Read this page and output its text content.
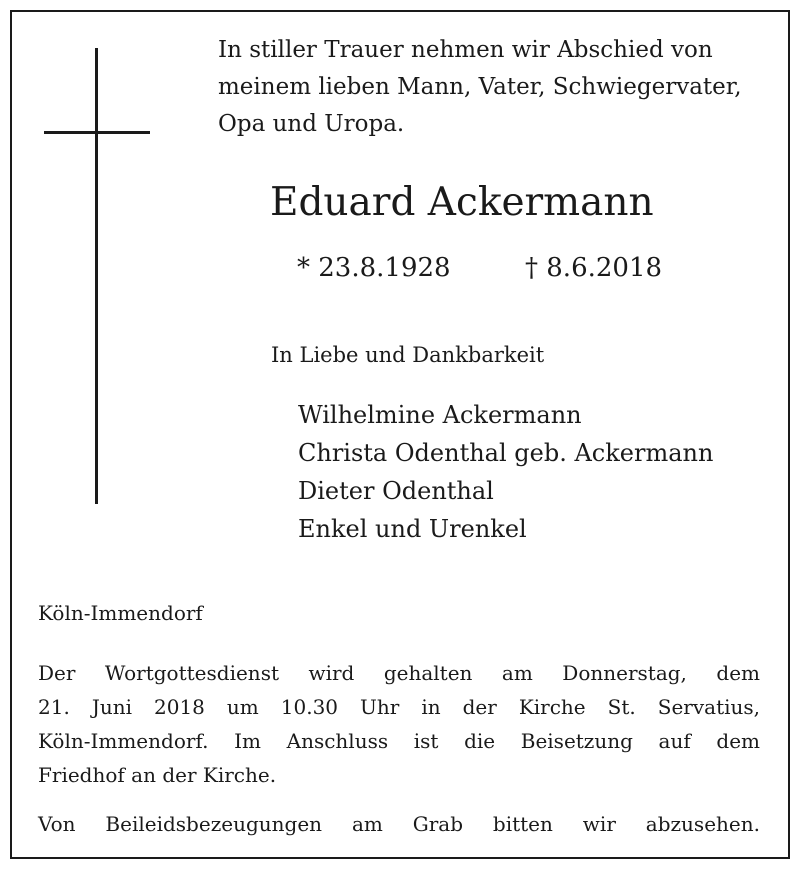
In stiller Trauer nehmen wir Abschied von
meinem lieben Mann, Vater, Schwiegervater,
Opa und Uropa.

Eduard Ackermann
* 23.8.1928	† 8.6.2018
In Liebe und Dankbarkeit
Wilhelmine Ackermann
Christa Odenthal geb. Ackermann
Dieter Odenthal
Enkel und Urenkel
Köln-Immendorf

Der Wortgottesdienst wird gehalten am Donnerstag, dem
21. Juni 2018 um 10.30 Uhr in der Kirche St. Servatius,
Köln-Immendorf. Im Anschluss ist die Beisetzung auf dem
Friedhof an der Kirche.

Von Beileidsbezeugungen am Grab bitten wir abzusehen.
